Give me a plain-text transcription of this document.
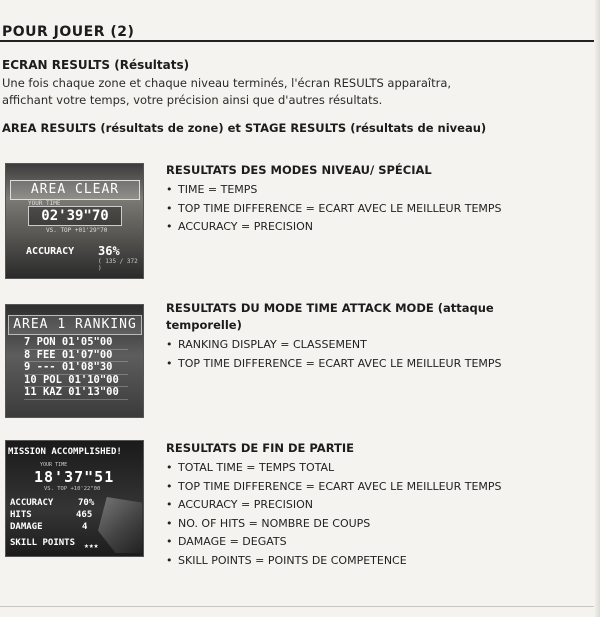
POUR JOUER (2)
ECRAN RESULTS (Résultats)
Une fois chaque zone et chaque niveau terminés, l'écran RESULTS apparaîtra,
affichant votre temps, votre précision ainsi que d'autres résultats.
AREA RESULTS (résultats de zone) et STAGE RESULTS (résultats de niveau)
AREA CLEAR
YOUR TIME
02'39"70
VS. TOP +01'29"70
ACCURACY 36%
( 135 / 372 )
AREA 1 RANKING
7 PON 01'05"00
8 FEE 01'07"00
9 --- 01'08"30
10 POL 01'10"00
11 KAZ 01'13"00
MISSION ACCOMPLISHED!
YOUR TIME
18'37"51
VS. TOP +10'22"00
ACCURACY	70%
HITS	465
DAMAGE	4
SKILL POINTS ★★★
RESULTATS DES MODES NIVEAU/ SPÉCIAL
• TIME = TEMPS
• TOP TIME DIFFERENCE = ECART AVEC LE MEILLEUR TEMPS
• ACCURACY = PRECISION
RESULTATS DU MODE TIME ATTACK MODE (attaque
temporelle)
• RANKING DISPLAY = CLASSEMENT
• TOP TIME DIFFERENCE = ECART AVEC LE MEILLEUR TEMPS
RESULTATS DE FIN DE PARTIE
• TOTAL TIME = TEMPS TOTAL
• TOP TIME DIFFERENCE = ECART AVEC LE MEILLEUR TEMPS
• ACCURACY = PRECISION
• NO. OF HITS = NOMBRE DE COUPS
• DAMAGE = DEGATS
• SKILL POINTS = POINTS DE COMPETENCE
